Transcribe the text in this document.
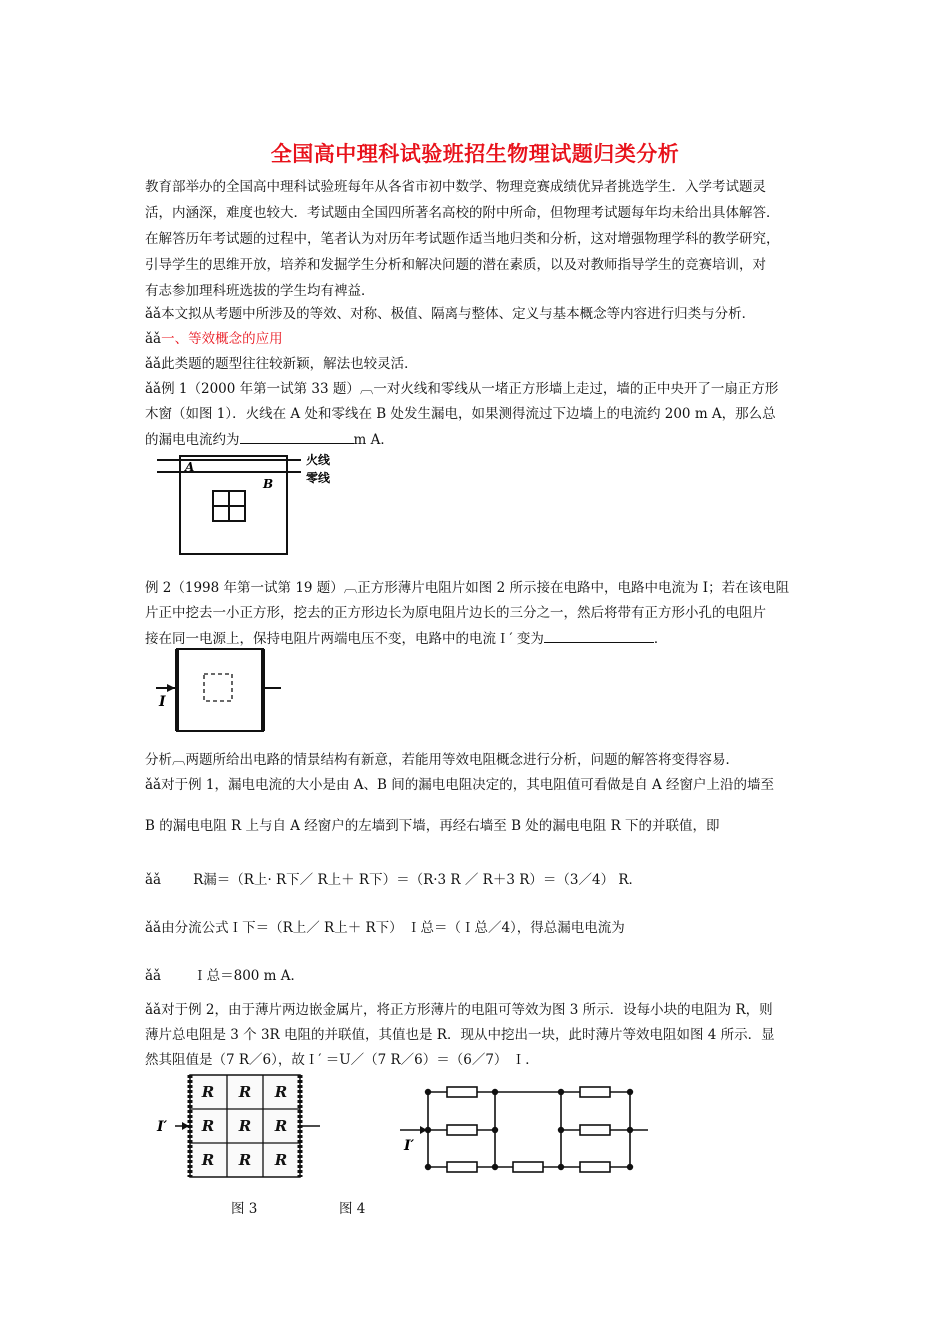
全国高中理科试验班招生物理试题归类分析
教育部举办的全国高中理科试验班每年从各省市初中数学、物理竞赛成绩优异者挑选学生．入学考试题灵
活，内涵深，难度也较大．考试题由全国四所著名高校的附中所命，但物理考试题每年均未给出具体解答．
在解答历年考试题的过程中，笔者认为对历年考试题作适当地归类和分析，这对增强物理学科的教学研究，
引导学生的思维开放，培养和发掘学生分析和解决问题的潜在素质，以及对教师指导学生的竞赛培训，对
有志参加理科班选拔的学生均有裨益．
ǎǎ本文拟从考题中所涉及的等效、对称、极值、隔离与整体、定义与基本概念等内容进行归类与分析．
ǎǎ一、等效概念的应用
ǎǎ此类题的题型往往较新颖，解法也较灵活．
ǎǎ例 1（2000 年第一试第 33 题）︹一对火线和零线从一堵正方形墙上走过，墙的正中央开了一扇正方形
木窗（如图 1）．火线在 A 处和零线在 B 处发生漏电，如果测得流过下边墙上的电流约 200 m A，那么总
的漏电电流约为	m A．
A
B
火线
零线
例 2（1998 年第一试第 19 题）︹正方形薄片电阻片如图 2 所示接在电路中，电路中电流为 I；若在该电阻
片正中挖去一小正方形，挖去的正方形边长为原电阻片边长的三分之一，然后将带有正方形小孔的电阻片
接在同一电源上，保持电阻片两端电压不变，电路中的电流Ｉ′ 变为	．
I
分析︹两题所给出电路的情景结构有新意，若能用等效电阻概念进行分析，问题的解答将变得容易．
ǎǎ对于例 1，漏电电流的大小是由 A、B 间的漏电电阻决定的，其电阻值可看做是自 A 经窗户上沿的墙至
B 的漏电电阻 R 上与自 A 经窗户的左墙到下墙，再经右墙至 B 处的漏电电阻 R 下的并联值，即
ǎǎ R漏＝（R上· R下／ R上＋ R下）＝（R·3 R ／ R＋3 R）＝（3／4） R．
ǎǎ由分流公式Ｉ下＝（R上／ R上＋ R下） Ｉ总＝（Ｉ总／4），得总漏电电流为
ǎǎ Ｉ总＝800 m A．
ǎǎ对于例 2，由于薄片两边嵌金属片，将正方形薄片的电阻可等效为图 3 所示．设每小块的电阻为 R，则
薄片总电阻是 3 个 3R 电阻的并联值，其值也是 R．现从中挖出一块，此时薄片等效电阻如图 4 所示．显
然其阻值是（7 R／6），故Ｉ′ ＝U／（7 R／6）＝（6／7） Ｉ．
I′
R R R
R R R
R R R
I′
图 3	图 4
